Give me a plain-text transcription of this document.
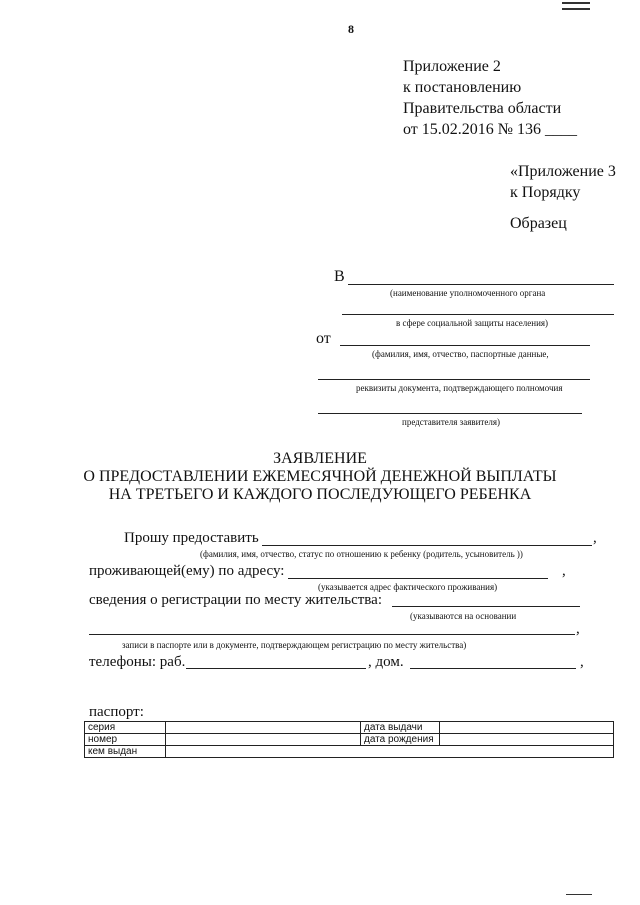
8
Приложение 2
к постановлению
Правительства области
от 15.02.2016 № 136 ____
«Приложение 3
к Порядку
Образец
В
(наименование уполномоченного органа
в сфере социальной защиты населения)
от
(фамилия, имя, отчество, паспортные данные,
реквизиты документа, подтверждающего полномочия
представителя заявителя)
ЗАЯВЛЕНИЕ
О ПРЕДОСТАВЛЕНИИ ЕЖЕМЕСЯЧНОЙ ДЕНЕЖНОЙ ВЫПЛАТЫ
НА ТРЕТЬЕГО И КАЖДОГО ПОСЛЕДУЮЩЕГО РЕБЕНКА
Прошу предоставить	,
(фамилия, имя, отчество, статус по отношению к ребенку (родитель, усыновитель ))
проживающей(ему) по адресу:	,
(указывается адрес фактического проживания)
сведения о регистрации по месту жительства:
(указываются на основании
,
записи в паспорте или в документе, подтверждающем регистрацию по месту жительства)
телефоны: раб.	, дом.	,
паспорт:
серия		дата выдачи	
номер		дата рождения	
кем выдан			
